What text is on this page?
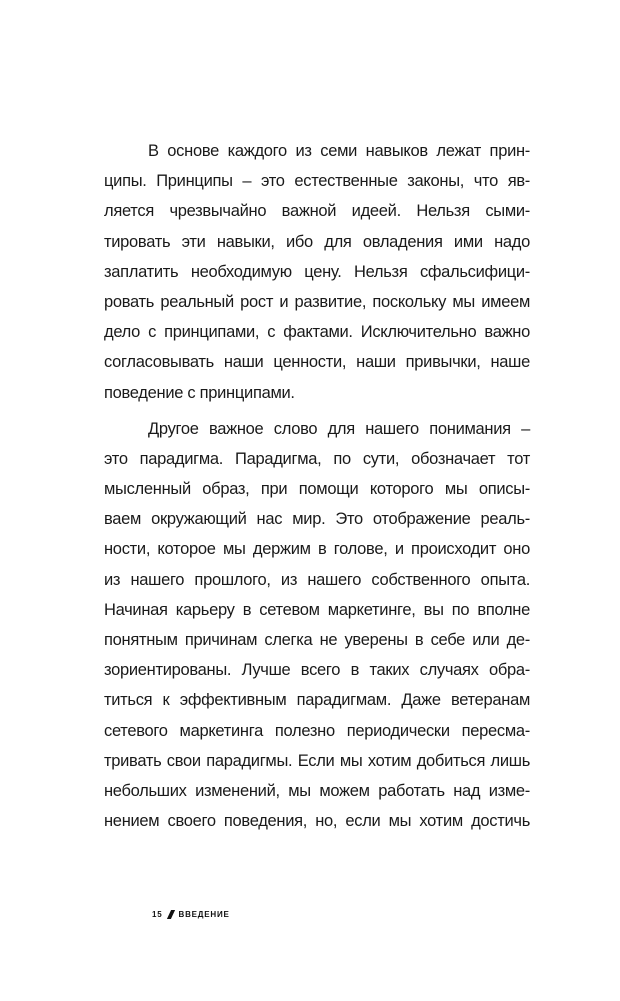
В основе каждого из семи навыков лежат прин-
ципы. Принципы – это естественные законы, что яв-
ляется чрезвычайно важной идеей. Нельзя сыми-
тировать эти навыки, ибо для овладения ими надо
заплатить необходимую цену. Нельзя сфальсифици-
ровать реальный рост и развитие, поскольку мы имеем
дело с принципами, с фактами. Исключительно важно
согласовывать наши ценности, наши привычки, наше
поведение с принципами.
Другое важное слово для нашего понимания –
это парадигма. Парадигма, по сути, обозначает тот
мысленный образ, при помощи которого мы описы-
ваем окружающий нас мир. Это отображение реаль-
ности, которое мы держим в голове, и происходит оно
из нашего прошлого, из нашего собственного опыта.
Начиная карьеру в сетевом маркетинге, вы по вполне
понятным причинам слегка не уверены в себе или де-
зориентированы. Лучше всего в таких случаях обра-
титься к эффективным парадигмам. Даже ветеранам
сетевого маркетинга полезно периодически пересма-
тривать свои парадигмы. Если мы хотим добиться лишь
небольших изменений, мы можем работать над изме-
нением своего поведения, но, если мы хотим достичь
15 ВВЕДЕНИЕ
